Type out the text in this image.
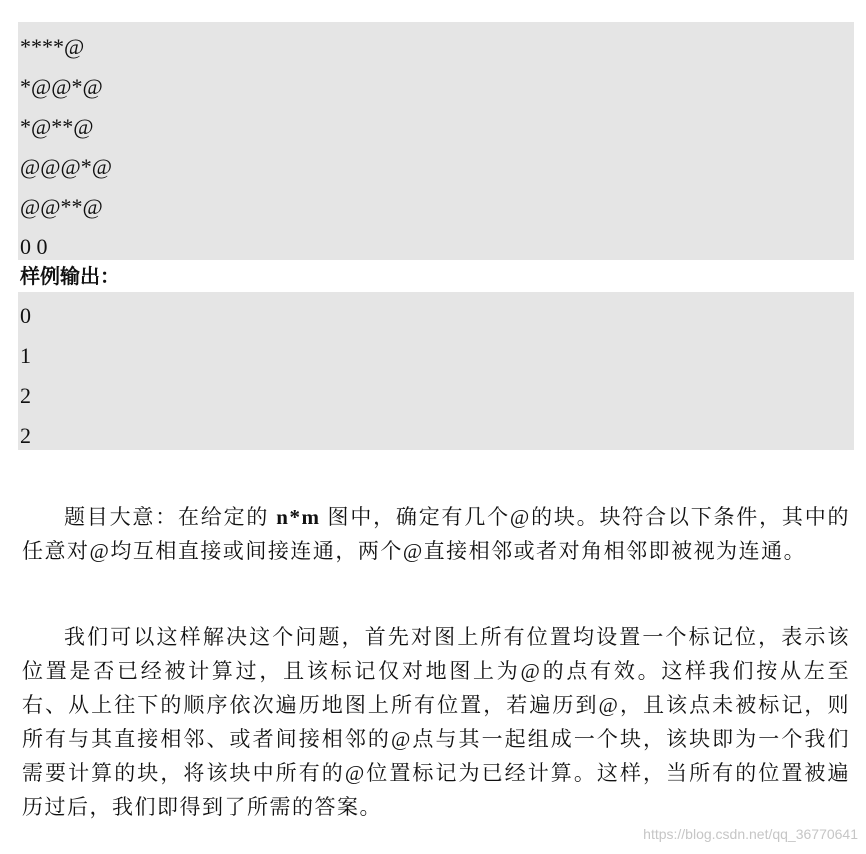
****@
*@@*@
*@**@
@@@*@
@@**@
0 0
样例输出：
0
1
2
2

题目大意：在给定的 n*m 图中，确定有几个@的块。块符合以下条件，其中的任意对@均互相直接或间接连通，两个@直接相邻或者对角相邻即被视为连通。

我们可以这样解决这个问题，首先对图上所有位置均设置一个标记位，表示该位置是否已经被计算过，且该标记仅对地图上为@的点有效。这样我们按从左至右、从上往下的顺序依次遍历地图上所有位置，若遍历到@，且该点未被标记，则所有与其直接相邻、或者间接相邻的@点与其一起组成一个块，该块即为一个我们需要计算的块，将该块中所有的@位置标记为已经计算。这样，当所有的位置被遍历过后，我们即得到了所需的答案。

https://blog.csdn.net/qq_36770641
